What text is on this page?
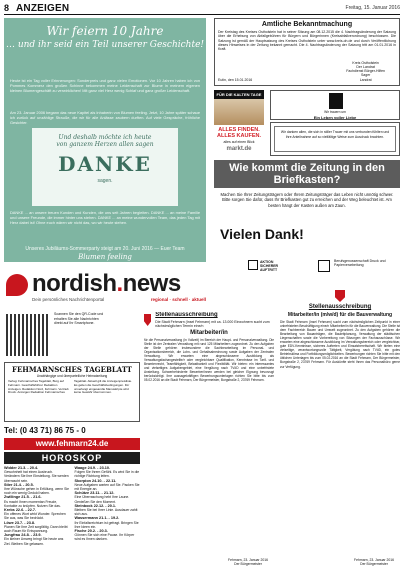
8 ANZEIGEN	Freitag, 15. Januar 2016
Wir feiern 10 Jahre
… und ihr seid ein Teil unserer Geschichte!
Heute ist ein Tag voller Erinnerungen: Sonderpreis und ganz vielen Emotionen. Vor 10 Jahren haben ich von Pommes Kommerz den großen Schinne bekommen meine Leidenschaft zur Blume in meinem eigenen kleinen Blumengeschäft zu verwirklichen! Mit ganz viel Herz wenig Schlaf und ganz großer Leidenschaft.
Am 23. Januar 2006 begann das neue Kapitel als Inhaberin von Blumen feeling. Jetzt, 10 Jahre später schaue ich zurück auf unzählige Strauße, die wir für alle Anlässe zaubern durften. Auf viele Gespräche, fröhliche Gesichter.
Und deshalb möchte ich heute
von ganzem Herzen allen sagen
DANKE
sagen.
DANKE ... an unsere treuen Kunden und Kunden, die uns seit Jahren begleiten. DANKE ... an meine Familie und unsere Freunde, die immer hinter uns stehen. DANKE ... an meine wundervollen Team, das jeden Tag mit Herz dabei ist! Ohne euch wären wir nicht das, wo wir heute stehen.
Unseres Jubiläums-Sommerparty steigt am 20. Juni 2016 — Euer Team
Blumen feeling
Amtliche Bekanntmachung
Der Kreistag des Kreises Ostholstein hat in seiner Sitzung am 08.12.2015 die 4. Nachtragsänderung der Satzung über die Erhebung von Abfallgebühren für Bürgern und Bürgerinnen (Kreisabfallverordnung) beschlossen. Die Satzung ist gemäß der Hauptsatzung des Kreises Ostholstein unter www.kreis-oh.de und durch Veröffentlichung dieses Hinweises in der Zeitung bekannt gemacht. Die 4. Nachtragsänderung der Satzung tritt am 01.01.2016 in Kraft.
Eutin, den 15.01.2016
Kreis Ostholstein
Der Landrat
Fachdienst Bürger-Hilfen
Sager
Landrat
FÜR DIE KALTEN TAGE
ALLES FINDEN. ALLES KAUFEN.
alles auf einen Blick
markt.de
Wir trauern um
Ein Leben voller Liebe
Wir danken allen, die sich in stiller Trauer mit uns verbunden fühlten und ihre Anteilnahme auf so vielfältige Weise zum Ausdruck brachten.
Wie kommt die Zeitung in den Briefkasten?
Machen Sie Ihrer Zeitungsträgern oder Ihrem Zeitungsträger das Leben nicht unnötig schwer. Bitte sorgen Sie dafür, dass Ihr Briefkasten gut zu erreichen und der Weg beleuchtet ist. Am besten hängt der Kasten außen am Zaun.
Vielen Dank!
AKTION SICHERER AUFTRITT
Berufsgenossenschaft Druck und Papierverarbeitung
nordish.news
Dein persönliches Nachrichtenportal	regional · schnell · aktuell
Scannen Sie den QR-Code und erhalten Sie alle Nachrichten direkt auf Ihr Smartphone.
FEHMARNSCHES TAGEBLATT
Unabhängige und überparteiliche Heimatzeitung
Verlag: Fehmarnsches Tageblatt, Burg auf Fehmarn. Geschäftsführer Redaktion Anzeigen. Redaktion Nord, Fehmarn. Vertrieb Druck. Anzeigen Redaktion Fehmarnsches Tageblatt. Aktuell gilt die Anzeigenpreisliste. Es gelten die Geschäftsbedingungen. Für unverlangt eingesandte Manuskripte wird keine Gewähr übernommen.
Tel: (0 43 71) 86 75 - 0
www.fehmarn24.de
HOROSKOP
Widder 21.3. - 20.4.
Gewohnheit hat einen Ausbruch. Verändern Sie Ihre Einstellung. Sie werden überrascht sein.
Stier 21.4. - 20.5.
Ihre Wünsche gehen in Erfüllung, wenn Sie noch ein wenig Geduld haben.
Zwillinge 21.5. - 21.6.
Es macht Ihnen momentan Freude, Kontakte zu knüpfen. Nutzen Sie das.
Krebs 22.6. - 22.7.
Ein offenes Wort wirkt Wunder. Sprechen Sie aus, was Sie bedrückt.
Löwe 23.7. - 23.8.
Planen Sie Ihre Zeit sorgfältig. Dann bleibt auch Raum für Entspannung.
Jungfrau 24.8. - 23.9.
Ein kleiner Umweg bringt Sie heute ans Ziel. Bleiben Sie gelassen.
Waage 24.9. - 23.10.
Folgen Sie Ihrem Gefühl. Es wird Sie in die richtige Richtung leiten.
Skorpion 24.10. - 22.11.
Neue Aufgaben warten auf Sie. Packen Sie mit Energie an.
Schütze 23.11. - 21.12.
Eine Überraschung hebt Ihre Laune. Genießen Sie den Moment.
Steinbock 22.12. - 20.1.
Bleiben Sie bei Ihrer Linie. Ausdauer zahlt sich aus.
Wassermann 21.1. - 19.2.
Ihr Einfallsreichtum ist gefragt. Bringen Sie Ihre Ideen ein.
Fische 20.2. - 20.3.
Gönnen Sie sich eine Pause. Ihr Körper wird es Ihnen danken.
Stellenausschreibung
Die Stadt Fehmarn (Insel Fehmarn) mit ca. 13.000 Einwohnern sucht zum nächstmöglichen Termin eine/n
Mitarbeiter/in
für die Personalverwaltung (in Vollzeit) im Bereich der Haupt- und Personalverwaltung. Die Stelle ist der Zentralen Verwaltung mit rund 125 Mitarbeitern zugeordnet. Zu den Aufgaben der Stelle gehören insbesondere die Sachbearbeitung im Personal- und Organisationsbereich, die Lohn- und Gehaltsabrechnung sowie Aufgaben der Zentralen Verwaltung. Wir erwarten: eine abgeschlossene Ausbildung als Verwaltungsfachangestellte/r oder vergleichbare Qualifikation, Kenntnisse im Tarif- und Beamtenrecht, Teamfähigkeit, Belastbarkeit und Flexibilität. Wir bieten: ein interessantes und vielseitiges Aufgabengebiet, eine Vergütung nach TVöD und eine unbefristete Anstellung. Schwerbehinderte Bewerber/innen werden bei gleicher Eignung bevorzugt berücksichtigt. Ihre aussagekräftigen Bewerbungsunterlagen richten Sie bitte bis zum 05.02.2016 an die Stadt Fehmarn, Der Bürgermeister, Burgstraße 2, 23769 Fehmarn.
Fehmarn, 23. Januar 2016
Der Bürgermeister
Stellenausschreibung
Mitarbeiter/in (m/w/d) für die Bauverwaltung
Die Stadt Fehmarn (Insel Fehmarn) sucht zum nächstmöglichen Zeitpunkt in einer unbefristeten Beschäftigung eine/n Mitarbeiter/in für die Bauverwaltung. Die Stelle ist dem Fachbereich Bauen und Umwelt zugeordnet. Zu den Aufgaben gehören die Bearbeitung von Bauanträgen, die Bauleitplanung, Verwaltung der städtischen Liegenschaften sowie die Vorbereitung von Sitzungen der Fachausschüsse. Wir erwarten eine abgeschlossene Ausbildung im Verwaltungsbereich oder vergleichbar, gute EDV-Kenntnisse, sicheres Auftreten und Einsatzbereitschaft. Wir bieten eine vielseitige, verantwortungsvolle Tätigkeit, Vergütung nach TVöD, ein gutes Betriebsklima und Fortbildungsmöglichkeiten. Bewerbungen richten Sie bitte mit den üblichen Unterlagen bis zum 05.02.2016 an die Stadt Fehmarn, Der Bürgermeister, Burgstraße 2, 23769 Fehmarn. Für Auskünfte steht Ihnen das Personalbüro gerne zur Verfügung.
Fehmarn, 23. Januar 2016
Der Bürgermeister
